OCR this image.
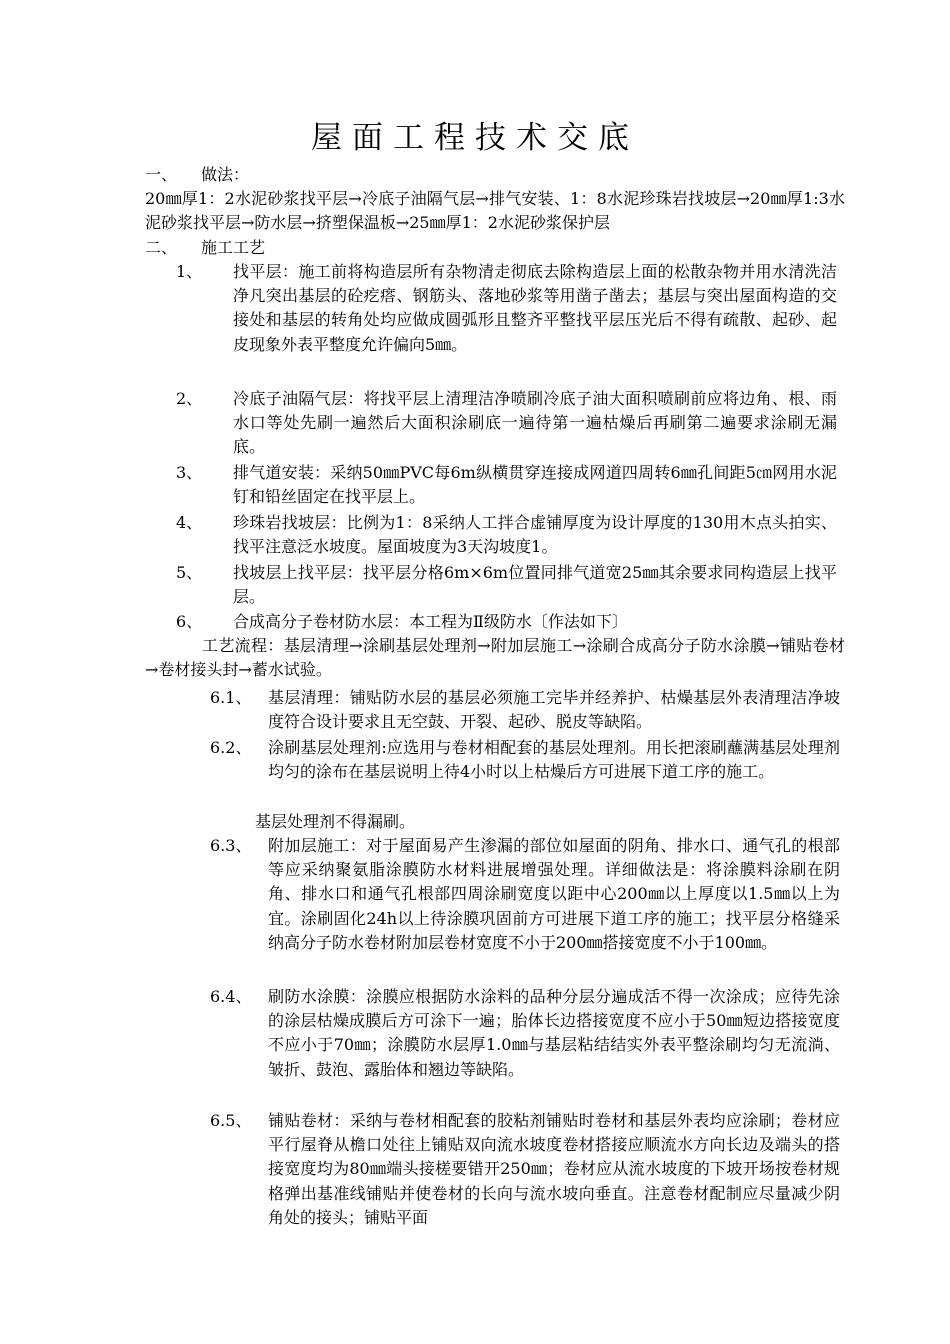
屋面工程技术交底
一、 做法：
20㎜厚1：2水泥砂浆找平层→冷底子油隔气层→排气安装、1：8水泥珍珠岩找坡层→20㎜厚1:3水泥砂浆找平层→防水层→挤塑保温板→25㎜厚1：2水泥砂浆保护层
二、 施工工艺
1、 找平层：施工前将构造层所有杂物清走彻底去除构造层上面的松散杂物并用水清洗洁净凡突出基层的砼疙瘩、钢筋头、落地砂浆等用凿子凿去；基层与突出屋面构造的交接处和基层的转角处均应做成圆弧形且整齐平整找平层压光后不得有疏散、起砂、起皮现象外表平整度允许偏向5㎜。
2、 冷底子油隔气层：将找平层上清理洁净喷刷冷底子油大面积喷刷前应将边角、根、雨水口等处先刷一遍然后大面积涂刷底一遍待第一遍枯燥后再刷第二遍要求涂刷无漏底。
3、 排气道安装：采纳50㎜PVC每6m纵横贯穿连接成网道四周转6㎜孔间距5㎝网用水泥钉和铅丝固定在找平层上。
4、 珍珠岩找坡层：比例为1：8采纳人工拌合虚铺厚度为设计厚度的130用木点头拍实、找平注意泛水坡度。屋面坡度为3天沟坡度1。
5、 找坡层上找平层：找平层分格6m×6m位置同排气道宽25㎜其余要求同构造层上找平层。
6、 合成高分子卷材防水层：本工程为Ⅱ级防水〔作法如下〕
工艺流程：基层清理→涂刷基层处理剂→附加层施工→涂刷合成高分子防水涂膜→铺贴卷材→卷材接头封→蓄水试验。
6.1、 基层清理：铺贴防水层的基层必须施工完毕并经养护、枯燥基层外表清理洁净坡度符合设计要求且无空鼓、开裂、起砂、脱皮等缺陷。
6.2、 涂刷基层处理剂:应选用与卷材相配套的基层处理剂。用长把滚刷蘸满基层处理剂均匀的涂布在基层说明上待4小时以上枯燥后方可进展下道工序的施工。
基层处理剂不得漏刷。
6.3、 附加层施工：对于屋面易产生渗漏的部位如屋面的阴角、排水口、通气孔的根部等应采纳聚氨脂涂膜防水材料进展增强处理。详细做法是：将涂膜料涂刷在阴角、排水口和通气孔根部四周涂刷宽度以距中心200㎜以上厚度以1.5㎜以上为宜。涂刷固化24h以上待涂膜巩固前方可进展下道工序的施工；找平层分格缝采纳高分子防水卷材附加层卷材宽度不小于200㎜搭接宽度不小于100㎜。
6.4、 刷防水涂膜：涂膜应根据防水涂料的品种分层分遍成活不得一次涂成；应待先涂的涂层枯燥成膜后方可涂下一遍；胎体长边搭接宽度不应小于50㎜短边搭接宽度不应小于70㎜；涂膜防水层厚1.0㎜与基层粘结结实外表平整涂刷均匀无流淌、皱折、鼓泡、露胎体和翘边等缺陷。
6.5、 铺贴卷材：采纳与卷材相配套的胶粘剂铺贴时卷材和基层外表均应涂刷；卷材应平行屋脊从檐口处往上铺贴双向流水坡度卷材搭接应顺流水方向长边及端头的搭接宽度均为80㎜端头接槎要错开250㎜；卷材应从流水坡度的下坡开场按卷材规格弹出基准线铺贴并使卷材的长向与流水坡向垂直。注意卷材配制应尽量减少阴角处的接头；铺贴平面
